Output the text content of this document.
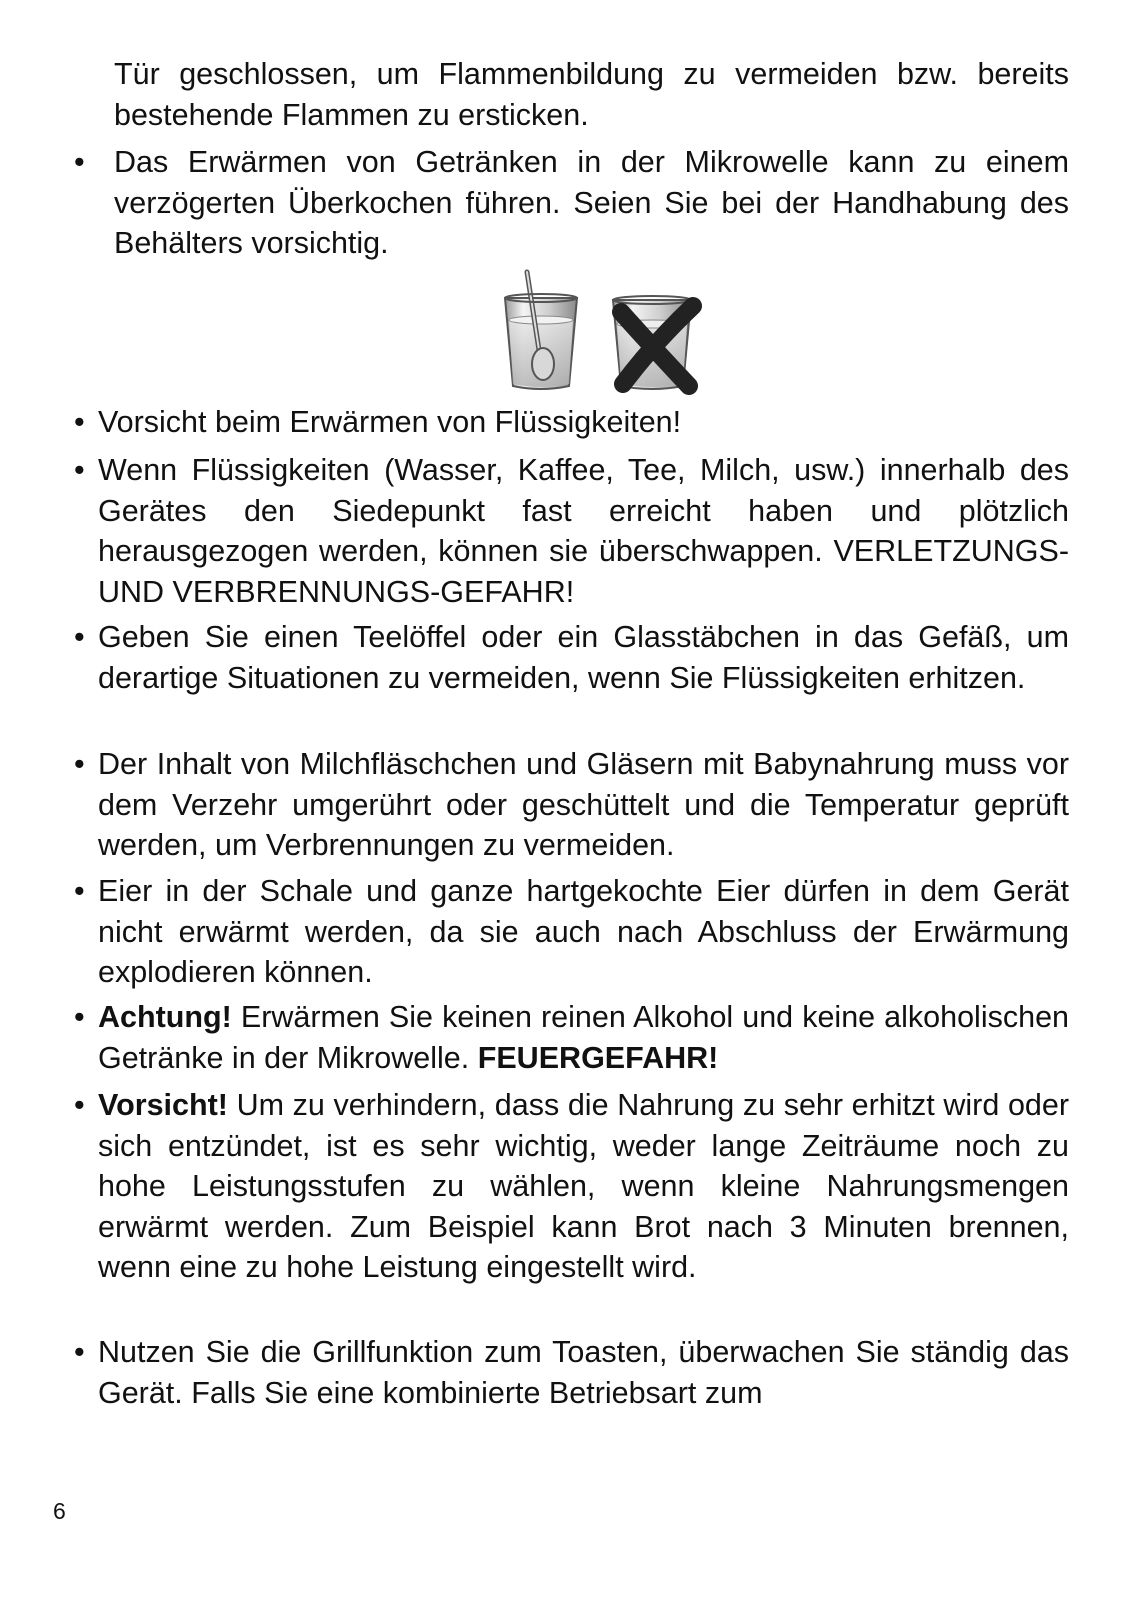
Tür geschlossen, um Flammenbildung zu vermeiden bzw. bereits bestehende Flammen zu ersticken.

• Das Erwärmen von Getränken in der Mikrowelle kann zu einem verzögerten Überkochen führen. Seien Sie bei der Handhabung des Behälters vorsichtig.
• Vorsicht beim Erwärmen von Flüssigkeiten!
• Wenn Flüssigkeiten (Wasser, Kaffee, Tee, Milch, usw.) innerhalb des Gerätes den Siedepunkt fast erreicht haben und plötzlich herausgezogen werden, können sie überschwappen. VERLETZUNGS- UND VERBRENNUNGS-GEFAHR!
• Geben Sie einen Teelöffel oder ein Glasstäbchen in das Gefäß, um derartige Situationen zu vermeiden, wenn Sie Flüssigkeiten erhitzen.
• Der Inhalt von Milchfläschchen und Gläsern mit Babynahrung muss vor dem Verzehr umgerührt oder geschüttelt und die Temperatur geprüft werden, um Verbrennungen zu vermeiden.
• Eier in der Schale und ganze hartgekochte Eier dürfen in dem Gerät nicht erwärmt werden, da sie auch nach Abschluss der Erwärmung explodieren können.
• Achtung! Erwärmen Sie keinen reinen Alkohol und keine alkoholischen Getränke in der Mikrowelle. FEUERGEFAHR!
• Vorsicht! Um zu verhindern, dass die Nahrung zu sehr erhitzt wird oder sich entzündet, ist es sehr wichtig, weder lange Zeiträume noch zu hohe Leistungsstufen zu wählen, wenn kleine Nahrungsmengen erwärmt werden. Zum Beispiel kann Brot nach 3 Minuten brennen, wenn eine zu hohe Leistung eingestellt wird.
• Nutzen Sie die Grillfunktion zum Toasten, überwachen Sie ständig das Gerät. Falls Sie eine kombinierte Betriebsart zum
6
